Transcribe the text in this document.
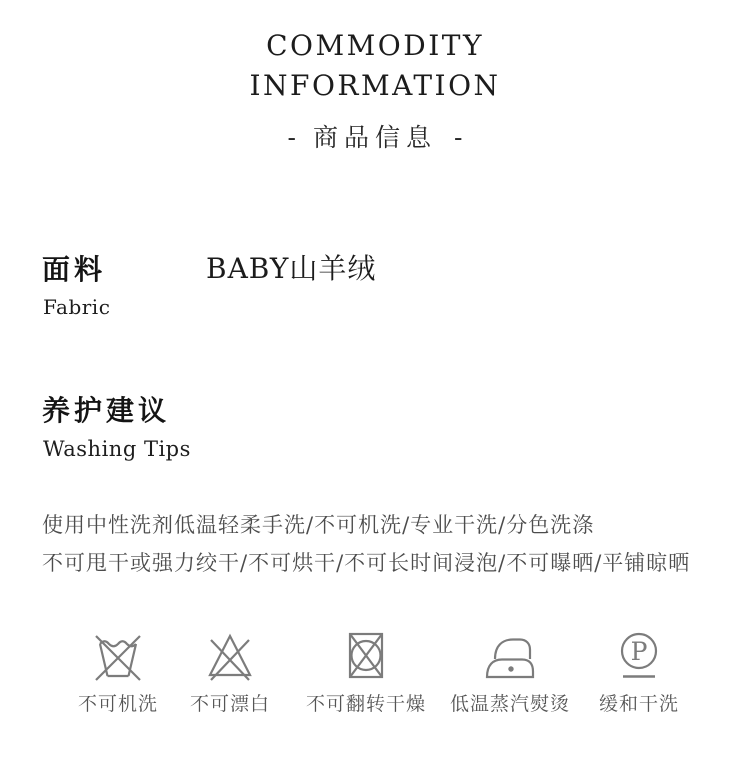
COMMODITY
INFORMATION
- 商品信息 -
面料	BABY山羊绒
Fabric
养护建议
Washing Tips
使用中性洗剂低温轻柔手洗/不可机洗/专业干洗/分色洗涤
不可甩干或强力绞干/不可烘干/不可长时间浸泡/不可曝晒/平铺晾晒
不可机洗 不可漂白 不可翻转干燥 低温蒸汽熨烫
P
缓和干洗
